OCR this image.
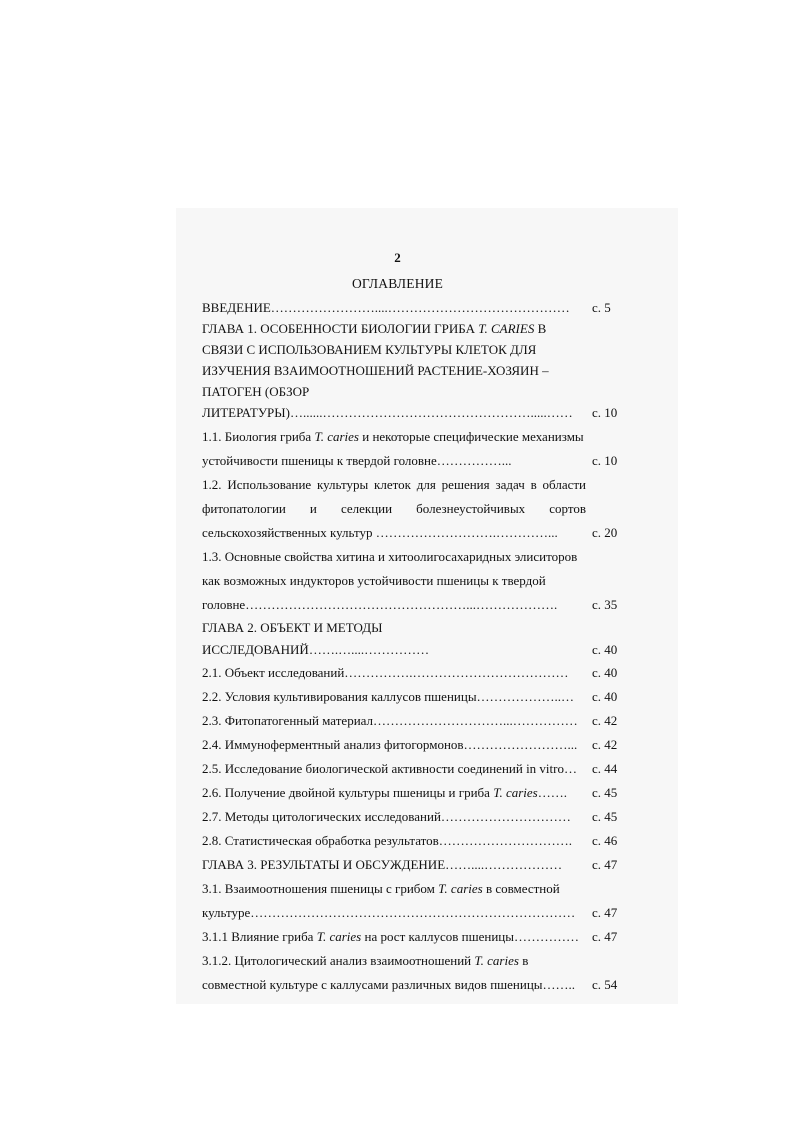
2
ОГЛАВЛЕНИЕ
ВВЕДЕНИЕ……………………....……………………………………	с. 5
ГЛАВА 1. ОСОБЕННОСТИ БИОЛОГИИ ГРИБА T. CARIES В СВЯЗИ С ИСПОЛЬЗОВАНИЕМ КУЛЬТУРЫ КЛЕТОК ДЛЯ ИЗУЧЕНИЯ ВЗАИМООТНОШЕНИЙ РАСТЕНИЕ-ХОЗЯИН – ПАТОГЕН (ОБЗОР ЛИТЕРАТУРЫ)…......………………………………………….....……	с. 10
1.1. Биология гриба T. caries и некоторые специфические механизмы устойчивости пшеницы к твердой головне……………...	с. 10
1.2. Использование культуры клеток для решения задач в области фитопатологии и селекции болезнеустойчивых сортов сельскохозяйственных культур ……………………….…………...	с. 20
1.3. Основные свойства хитина и хитоолигосахаридных элиситоров как возможных индукторов устойчивости пшеницы к твердой головне……………………………………………...……………….	с. 35
ГЛАВА 2. ОБЪЕКТ И МЕТОДЫ ИССЛЕДОВАНИЙ…….…....……………	с. 40
2.1. Объект исследований…………….………………………………	с. 40
2.2. Условия культивирования каллусов пшеницы………………..…	с. 40
2.3. Фитопатогенный материал…………………………...……………	с. 42
2.4. Иммуноферментный анализ фитогормонов……………………...	с. 42
2.5. Исследование биологической активности соединений in vitro…	с. 44
2.6. Получение двойной культуры пшеницы и гриба T. caries…….	с. 45
2.7. Методы цитологических исследований…………………………	с. 45
2.8. Статистическая обработка результатов………………………….	с. 46
ГЛАВА 3. РЕЗУЛЬТАТЫ И ОБСУЖДЕНИЕ……....………………	с. 47
3.1. Взаимоотношения пшеницы с грибом T. caries в совместной культуре…………………………………………………………………	с. 47
3.1.1 Влияние гриба T. caries на рост каллусов пшеницы……………	с. 47
3.1.2. Цитологический анализ взаимоотношений T. caries в совместной культуре с каллусами различных видов пшеницы……..	с. 54
